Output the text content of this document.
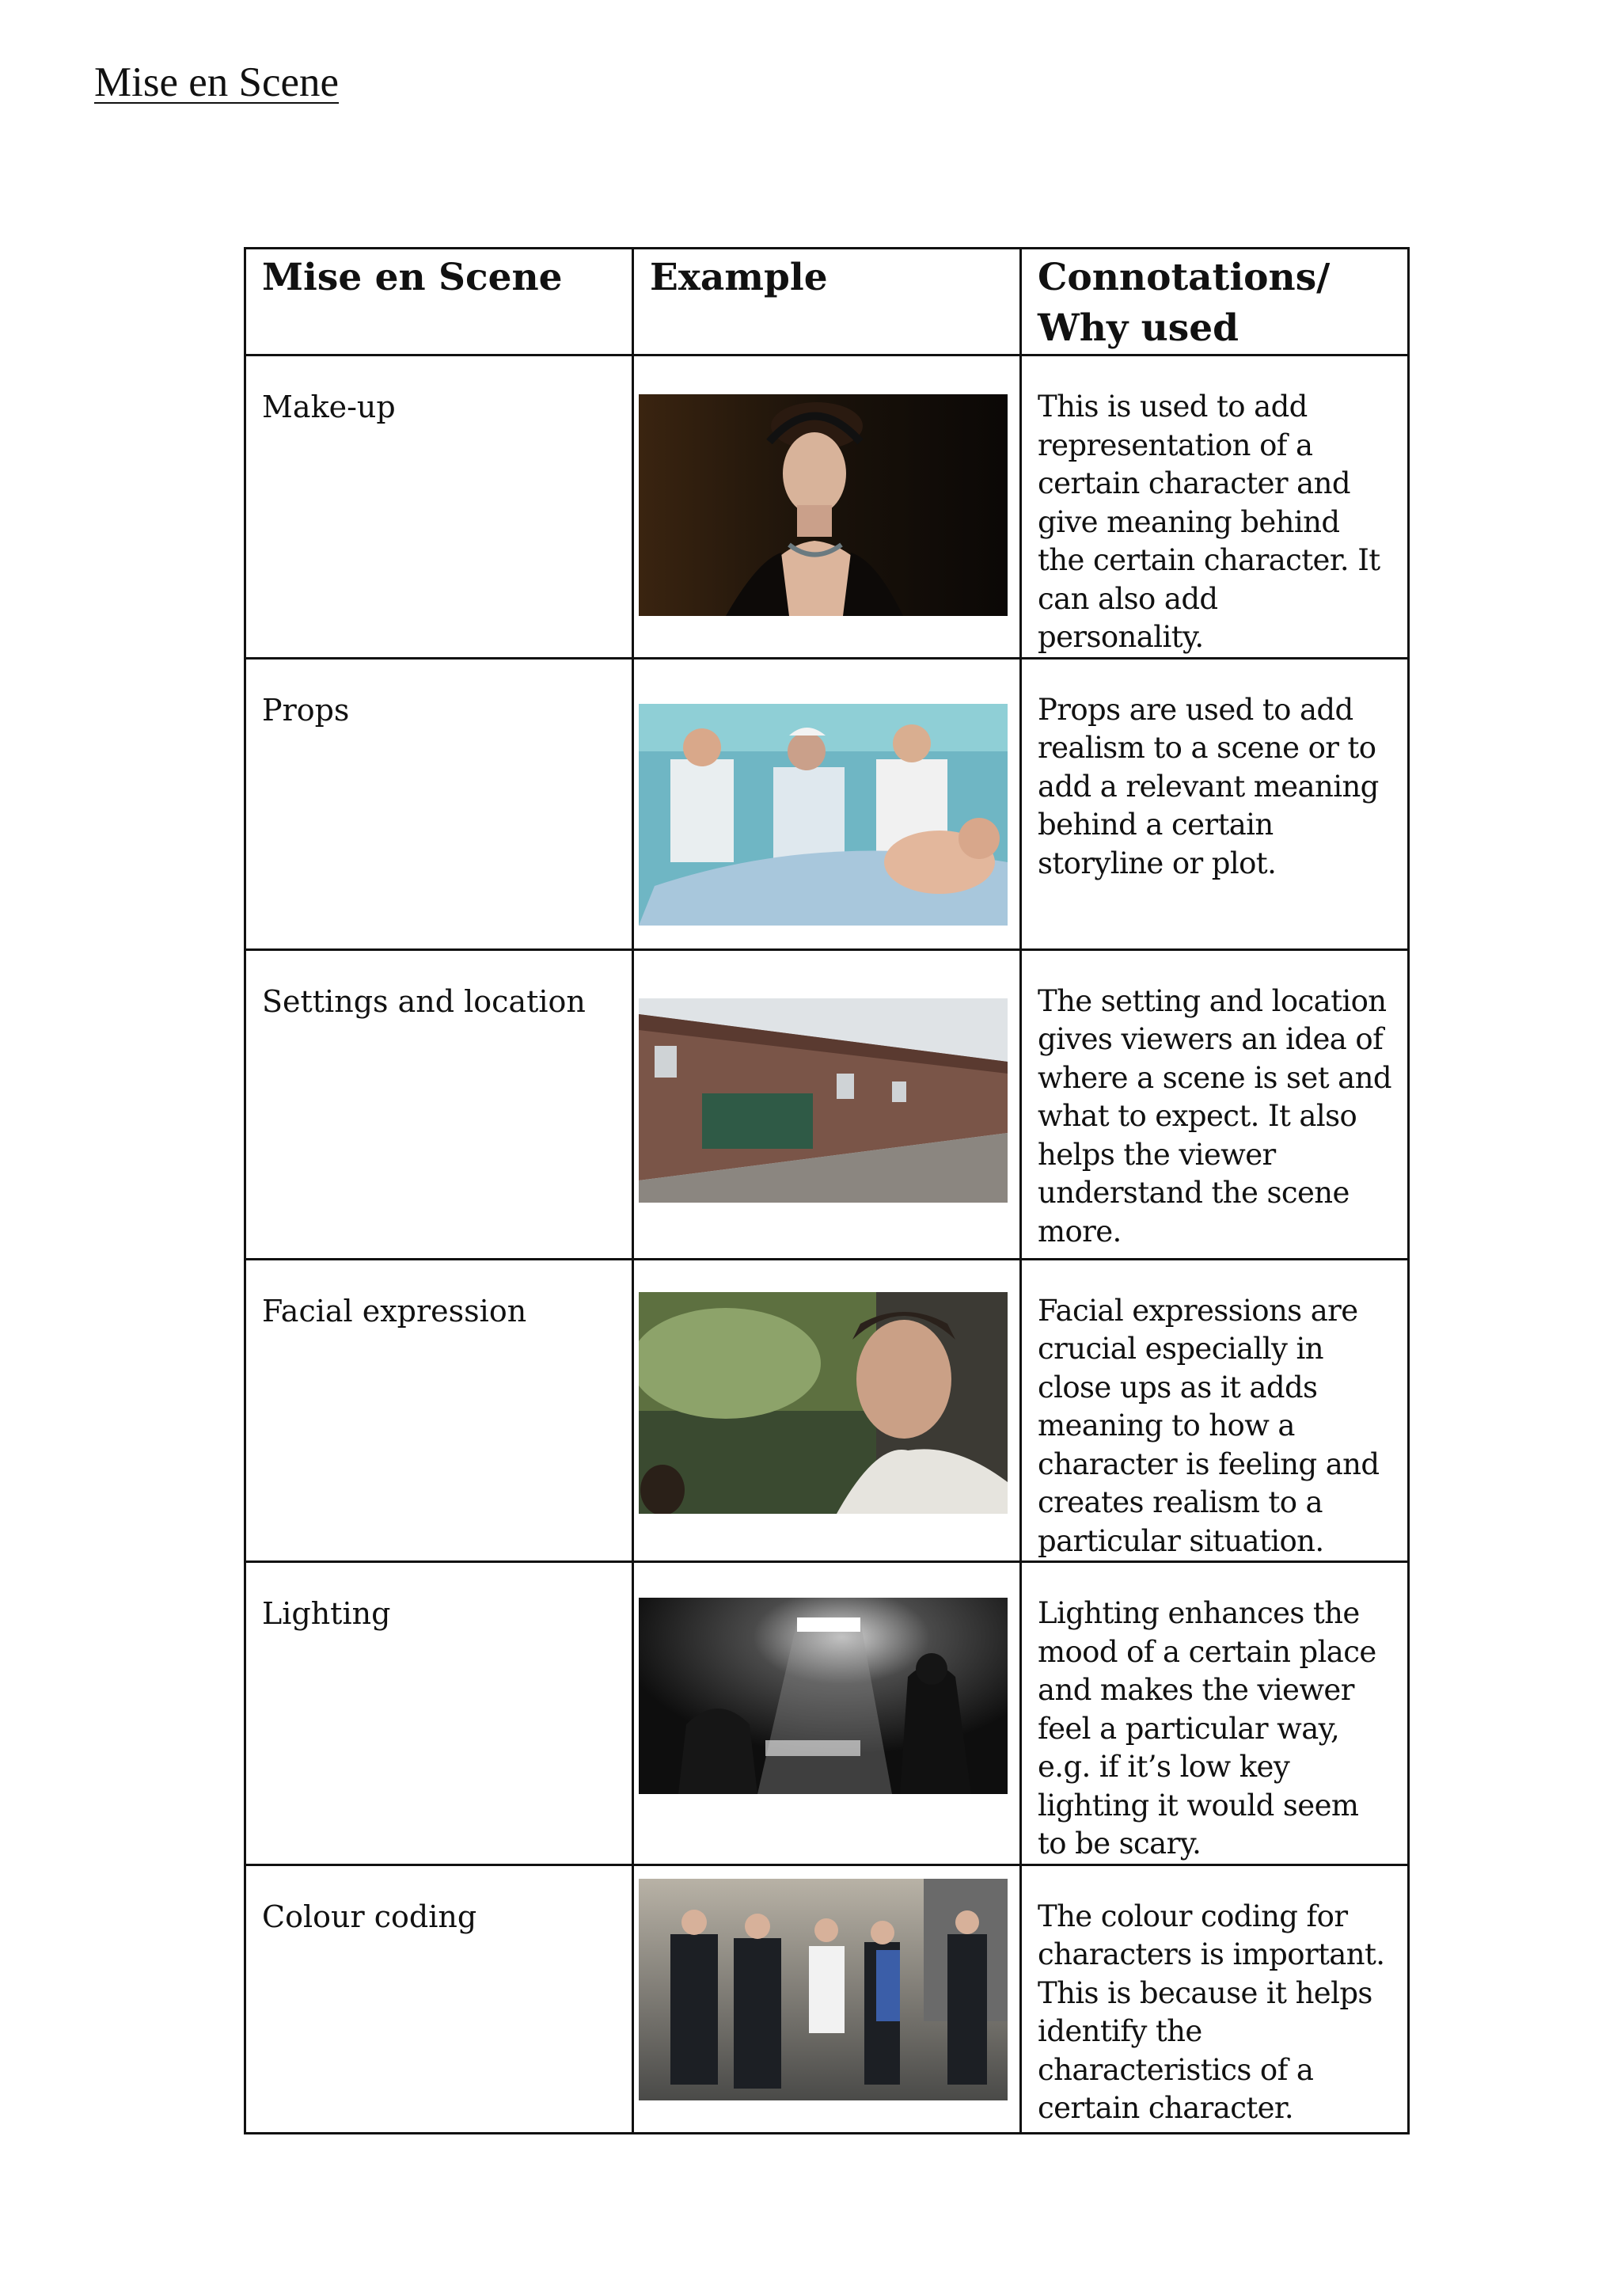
Mise en Scene
Mise en Scene	Example	Connotations/ Why used
Make-up		This is used to add representation of a certain character and give meaning behind the certain character. It can also add personality.
Props		Props are used to add realism to a scene or to add a relevant meaning behind a certain storyline or plot.
Settings and location		The setting and location gives viewers an idea of where a scene is set and what to expect. It also helps the viewer understand the scene more.
Facial expression		Facial expressions are crucial especially in close ups as it adds meaning to how a character is feeling and creates realism to a particular situation.
Lighting		Lighting enhances the mood of a certain place and makes the viewer feel a particular way, e.g. if it’s low key lighting it would seem to be scary.
Colour coding		The colour coding for characters is important. This is because it helps identify the characteristics of a certain character.
